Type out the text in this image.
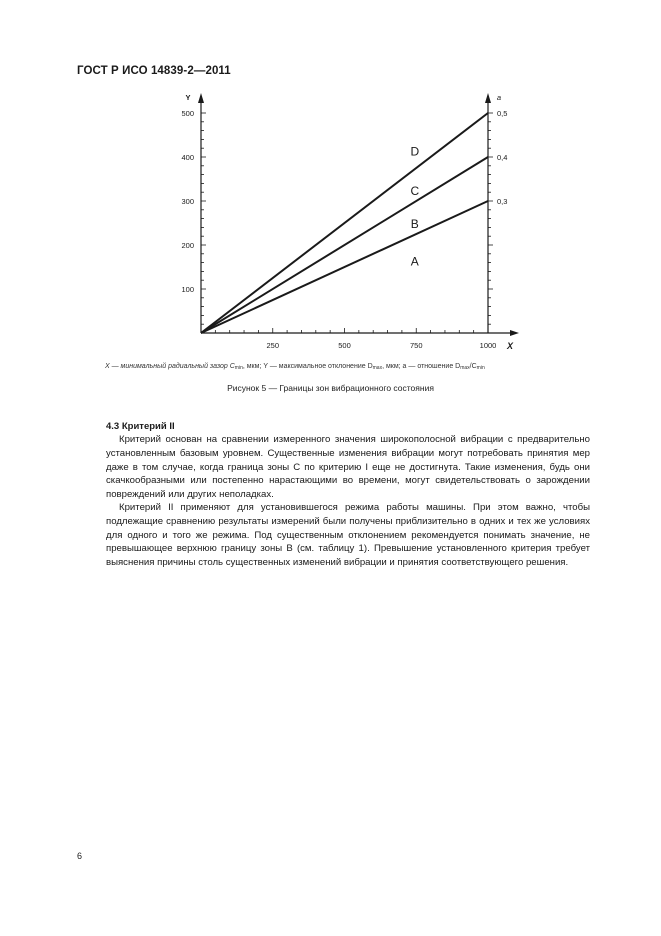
ГОСТ Р ИСО 14839-2—2011
100
200
300
400
500
0,3
0,4
0,5
250	500	750	1000
Y	a
X
D
C
B
A
X — минимальный радиальный зазор $C_{min}$, мкм; Y — максимальное отклонение $D_{max}$, мкм; a — отношение $D_{max}/C_{min}$
Рисунок 5 — Границы зон вибрационного состояния
4.3 Критерий II

Критерий основан на сравнении измеренного значения широкополосной вибрации с предварительно установленным базовым уровнем. Существенные изменения вибрации могут потребовать принятия мер даже в том случае, когда граница зоны C по критерию I еще не достигнута. Такие изменения, будь они скачкообразными или постепенно нарастающими во времени, могут свидетельствовать о зарождении повреждений или других неполадках.

Критерий II применяют для установившегося режима работы машины. При этом важно, чтобы подлежащие сравнению результаты измерений были получены приблизительно в одних и тех же условиях для одного и того же режима. Под существенным отклонением рекомендуется понимать значение, не превышающее верхнюю границу зоны B (см. таблицу 1). Превышение установленного критерия требует выяснения причины столь существенных изменений вибрации и принятия соответствующего решения.

6
